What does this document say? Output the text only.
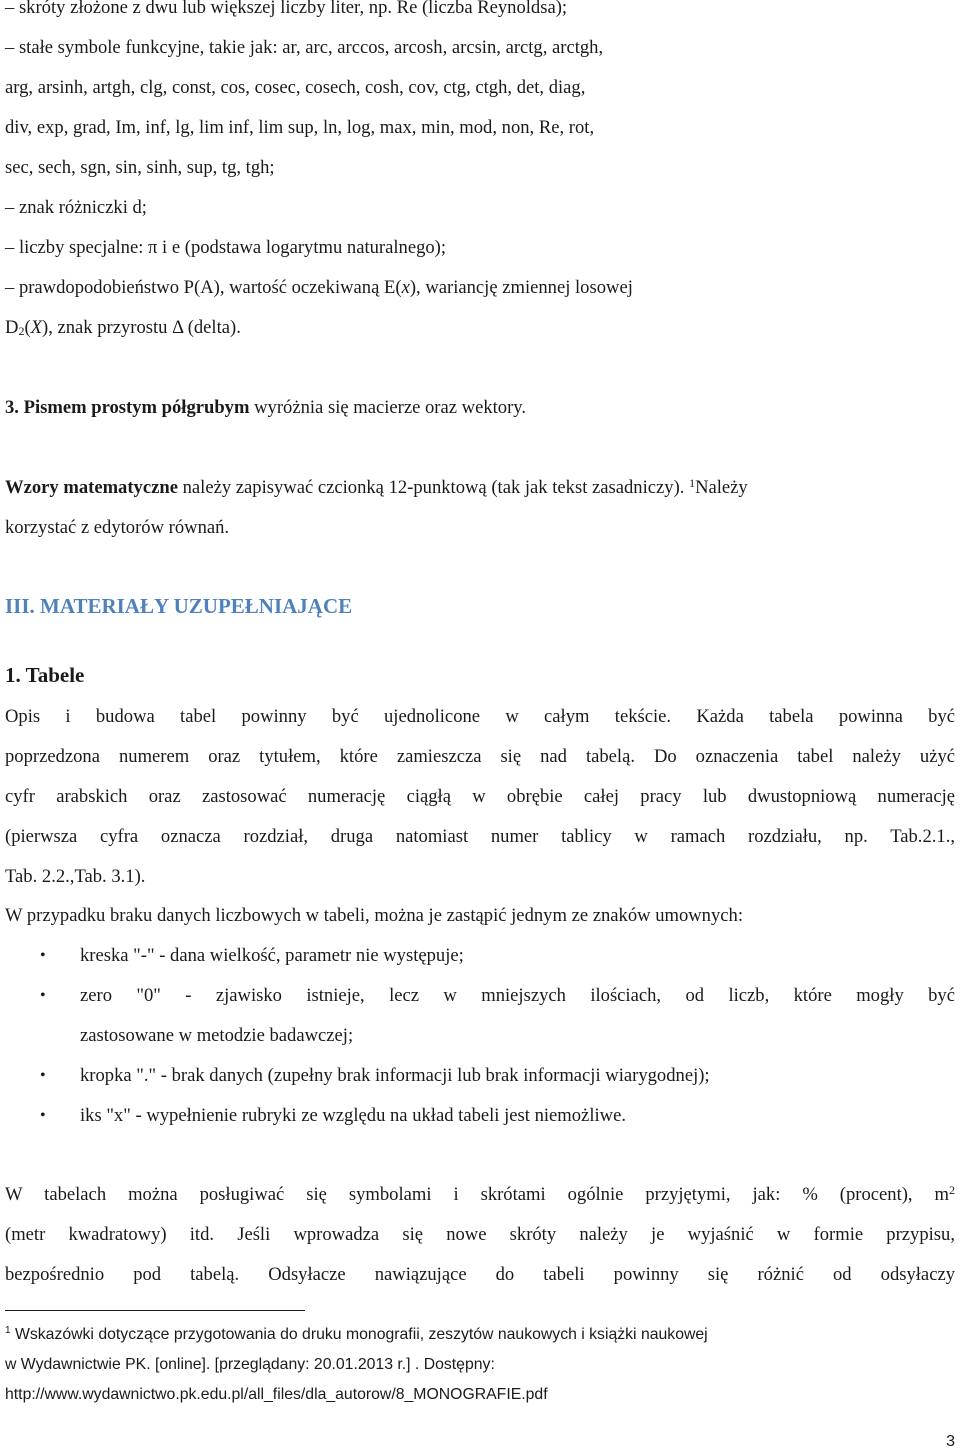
– skróty złożone z dwu lub większej liczby liter, np. Re (liczba Reynoldsa);
– stałe symbole funkcyjne, takie jak: ar, arc, arccos, arcosh, arcsin, arctg, arctgh,
arg, arsinh, artgh, clg, const, cos, cosec, cosech, cosh, cov, ctg, ctgh, det, diag,
div, exp, grad, Im, inf, lg, lim inf, lim sup, ln, log, max, min, mod, non, Re, rot,
sec, sech, sgn, sin, sinh, sup, tg, tgh;
– znak różniczki d;
– liczby specjalne: π i e (podstawa logarytmu naturalnego);
– prawdopodobieństwo P(A), wartość oczekiwaną E(x), wariancję zmiennej losowej
$D_2(X)$, znak przyrostu Δ (delta).
3. Pismem prostym półgrubym wyróżnia się macierze oraz wektory.
Wzory matematyczne należy zapisywać czcionką 12-punktową (tak jak tekst zasadniczy). $^1$Należy
korzystać z edytorów równań.
III. MATERIAŁY UZUPEŁNIAJĄCE
1. Tabele
Opis i budowa tabel powinny być ujednolicone w całym tekście. Każda tabela powinna być
poprzedzona numerem oraz tytułem, które zamieszcza się nad tabelą. Do oznaczenia tabel należy użyć
cyfr arabskich oraz zastosować numerację ciągłą w obrębie całej pracy lub dwustopniową numerację
(pierwsza cyfra oznacza rozdział, druga natomiast numer tablicy w ramach rozdziału, np. Tab.2.1.,
Tab. 2.2.,Tab. 3.1).
W przypadku braku danych liczbowych w tabeli, można je zastąpić jednym ze znaków umownych:
• kreska "-" - dana wielkość, parametr nie występuje;
• zero "0" - zjawisko istnieje, lecz w mniejszych ilościach, od liczb, które mogły być
zastosowane w metodzie badawczej;
• kropka "." - brak danych (zupełny brak informacji lub brak informacji wiarygodnej);
• iks "x" - wypełnienie rubryki ze względu na układ tabeli jest niemożliwe.
W tabelach można posługiwać się symbolami i skrótami ogólnie przyjętymi, jak: % (procent), $m^2$
(metr kwadratowy) itd. Jeśli wprowadza się nowe skróty należy je wyjaśnić w formie przypisu,
bezpośrednio pod tabelą. Odsyłacze nawiązujące do tabeli powinny się różnić od odsyłaczy
$^1$ Wskazówki dotyczące przygotowania do druku monografii, zeszytów naukowych i książki naukowej
w Wydawnictwie PK. [online]. [przeglądany: 20.01.2013 r.] . Dostępny:
http://www.wydawnictwo.pk.edu.pl/all_files/dla_autorow/8_MONOGRAFIE.pdf
3
